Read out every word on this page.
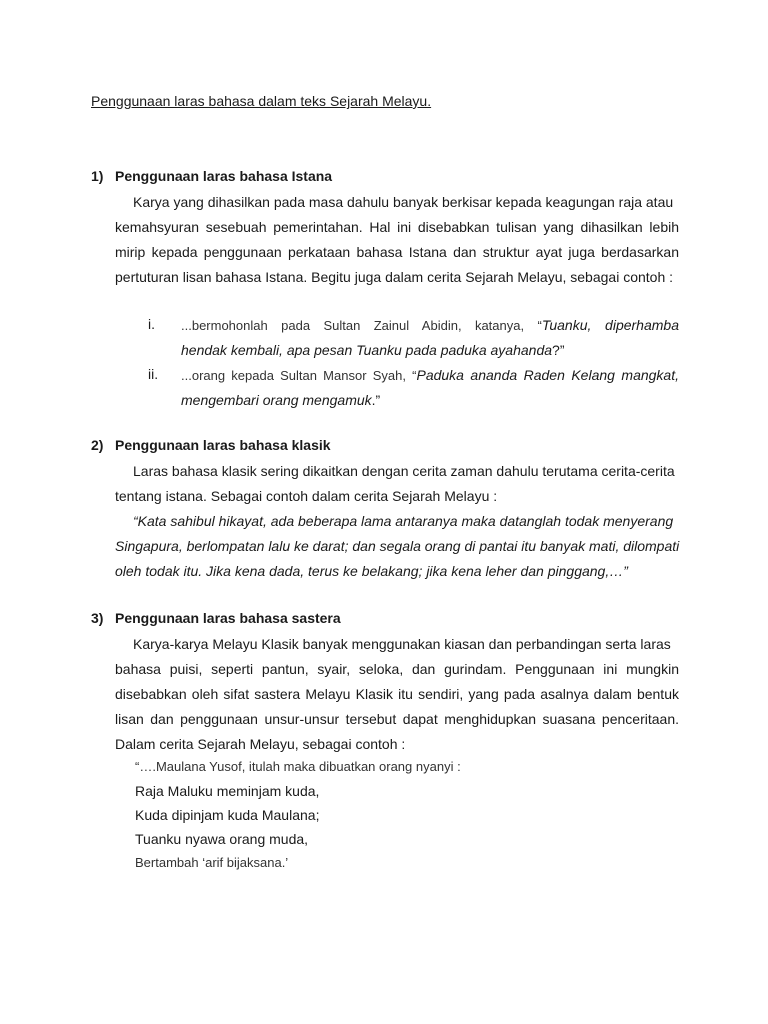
Penggunaan laras bahasa dalam teks Sejarah Melayu.
1) Penggunaan laras bahasa Istana
Karya yang dihasilkan pada masa dahulu banyak berkisar kepada keagungan raja atau
kemahsyuran sesebuah pemerintahan. Hal ini disebabkan tulisan yang dihasilkan lebih
mirip kepada penggunaan perkataan bahasa Istana dan struktur ayat juga berdasarkan
pertuturan lisan bahasa Istana. Begitu juga dalam cerita Sejarah Melayu, sebagai contoh :
i. ...bermohonlah pada Sultan Zainul Abidin, katanya, “Tuanku, diperhamba
hendak kembali, apa pesan Tuanku pada paduka ayahanda?”
ii. ...orang kepada Sultan Mansor Syah, “Paduka ananda Raden Kelang mangkat,
mengembari orang mengamuk.”
2) Penggunaan laras bahasa klasik
Laras bahasa klasik sering dikaitkan dengan cerita zaman dahulu terutama cerita-cerita
tentang istana. Sebagai contoh dalam cerita Sejarah Melayu :
“Kata sahibul hikayat, ada beberapa lama antaranya maka datanglah todak menyerang
Singapura, berlompatan lalu ke darat; dan segala orang di pantai itu banyak mati, dilompati
oleh todak itu. Jika kena dada, terus ke belakang; jika kena leher dan pinggang,…”
3) Penggunaan laras bahasa sastera
Karya-karya Melayu Klasik banyak menggunakan kiasan dan perbandingan serta laras
bahasa puisi, seperti pantun, syair, seloka, dan gurindam. Penggunaan ini mungkin
disebabkan oleh sifat sastera Melayu Klasik itu sendiri, yang pada asalnya dalam bentuk
lisan dan penggunaan unsur-unsur tersebut dapat menghidupkan suasana penceritaan.
Dalam cerita Sejarah Melayu, sebagai contoh :
“….Maulana Yusof, itulah maka dibuatkan orang nyanyi :
Raja Maluku meminjam kuda,
Kuda dipinjam kuda Maulana;
Tuanku nyawa orang muda,
Bertambah ‘arif bijaksana.’
